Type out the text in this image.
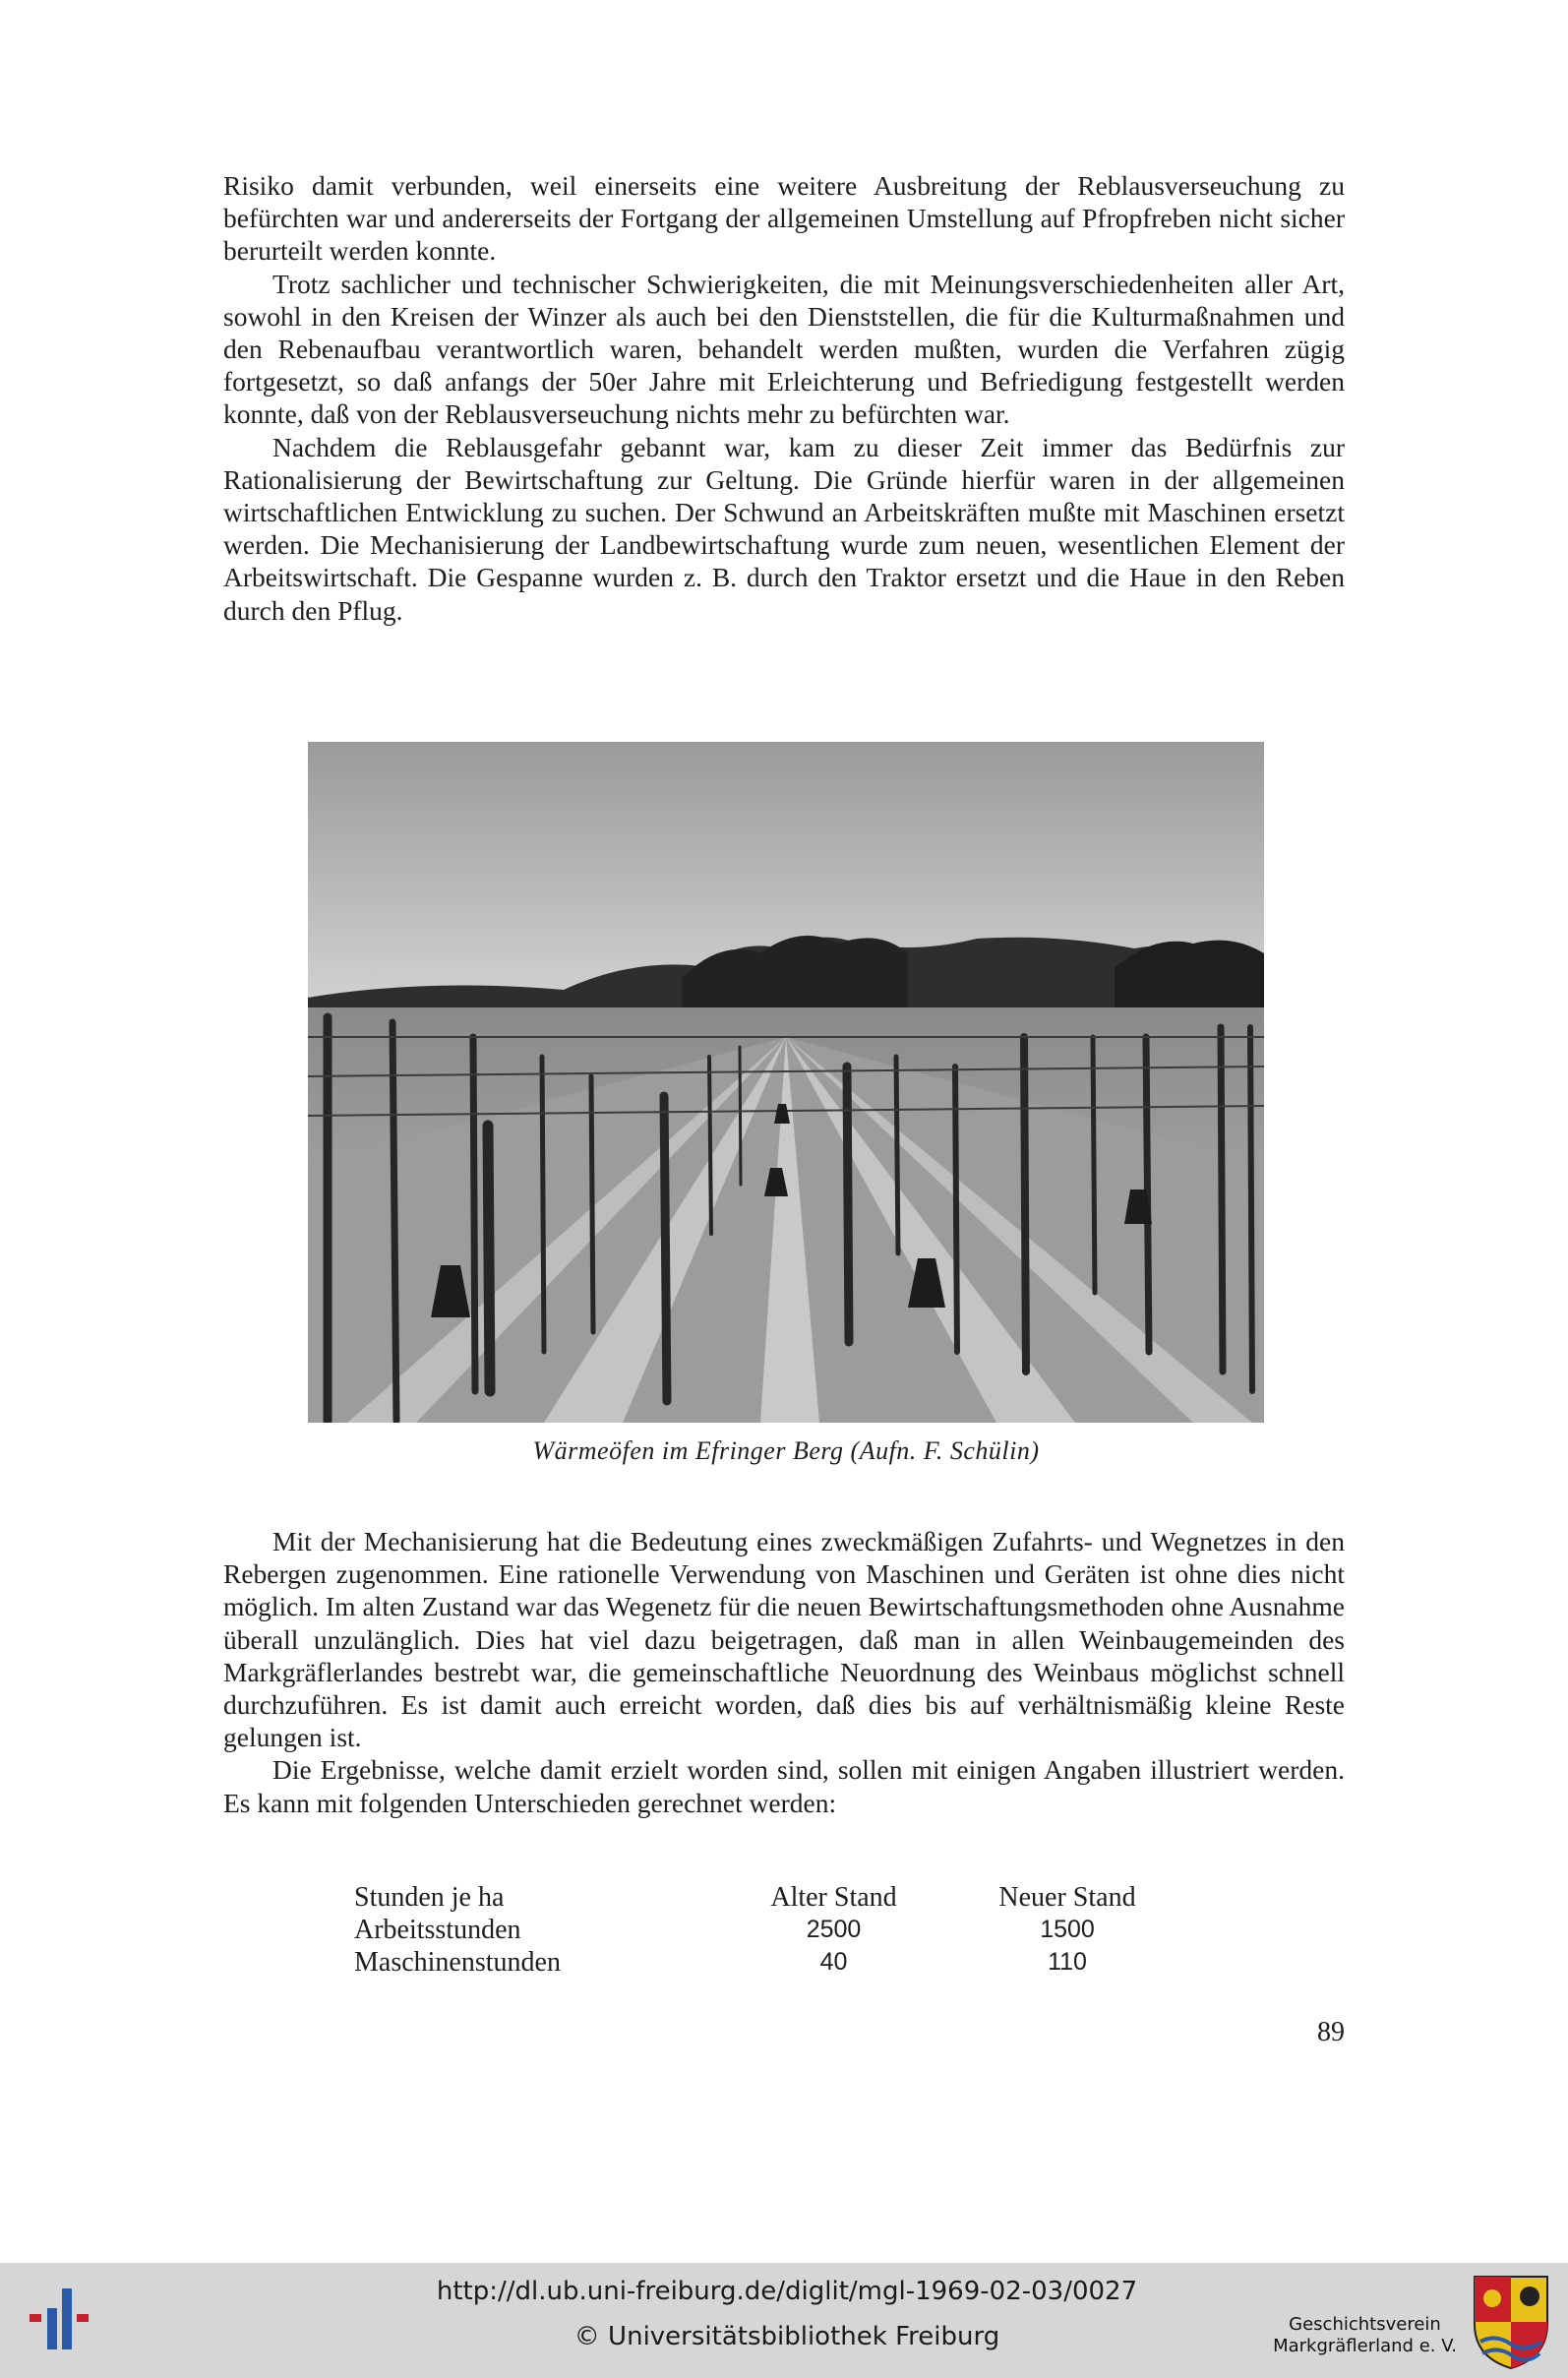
Risiko damit verbunden, weil einerseits eine weitere Ausbreitung der Reblausverseuchung zu befürchten war und andererseits der Fortgang der allgemeinen Umstellung auf Pfropfreben nicht sicher berurteilt werden konnte.

Trotz sachlicher und technischer Schwierigkeiten, die mit Meinungsverschiedenheiten aller Art, sowohl in den Kreisen der Winzer als auch bei den Dienststellen, die für die Kulturmaßnahmen und den Rebenaufbau verantwortlich waren, behandelt werden mußten, wurden die Verfahren zügig fortgesetzt, so daß anfangs der 50er Jahre mit Erleichterung und Befriedigung festgestellt werden konnte, daß von der Reblausverseuchung nichts mehr zu befürchten war.

Nachdem die Reblausgefahr gebannt war, kam zu dieser Zeit immer das Bedürfnis zur Rationalisierung der Bewirtschaftung zur Geltung. Die Gründe hierfür waren in der allgemeinen wirtschaftlichen Entwicklung zu suchen. Der Schwund an Arbeitskräften mußte mit Maschinen ersetzt werden. Die Mechanisierung der Landbewirtschaftung wurde zum neuen, wesentlichen Element der Arbeitswirtschaft. Die Gespanne wurden z. B. durch den Traktor ersetzt und die Haue in den Reben durch den Pflug.

Wärmeöfen im Efringer Berg (Aufn. F. Schülin)

Mit der Mechanisierung hat die Bedeutung eines zweckmäßigen Zufahrts- und Wegnetzes in den Rebergen zugenommen. Eine rationelle Verwendung von Maschinen und Geräten ist ohne dies nicht möglich. Im alten Zustand war das Wegenetz für die neuen Bewirtschaftungsmethoden ohne Ausnahme überall unzulänglich. Dies hat viel dazu beigetragen, daß man in allen Weinbaugemeinden des Markgräflerlandes bestrebt war, die gemeinschaftliche Neuordnung des Weinbaus möglichst schnell durchzuführen. Es ist damit auch erreicht worden, daß dies bis auf verhältnismäßig kleine Reste gelungen ist.

Die Ergebnisse, welche damit erzielt worden sind, sollen mit einigen Angaben illustriert werden. Es kann mit folgenden Unterschieden gerechnet werden:

Stunden je ha	Alter Stand	Neuer Stand
Arbeitsstunden	2500	1500
Maschinenstunden	40	110
89
http://dl.ub.uni-freiburg.de/diglit/mgl-1969-02-03/0027
© Universitätsbibliothek Freiburg	Geschichtsverein
Markgräflerland e. V.
